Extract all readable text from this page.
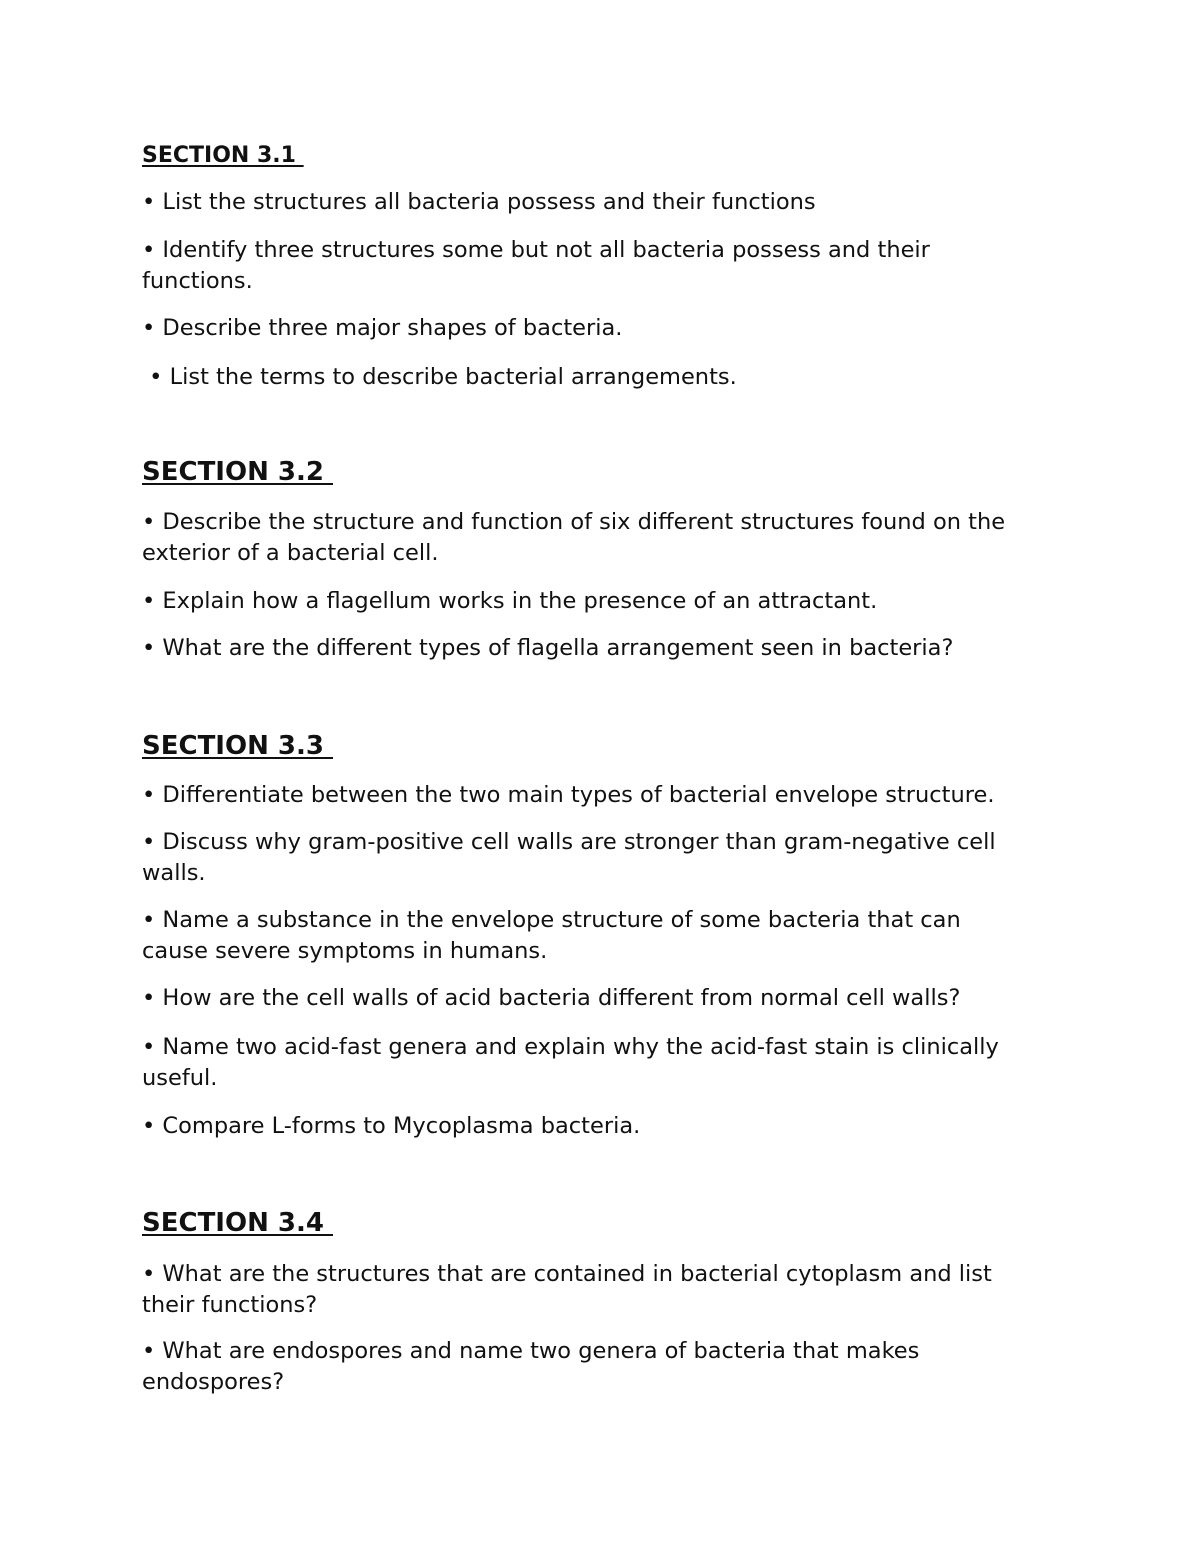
SECTION 3.1

• List the structures all bacteria possess and their functions

• Identify three structures some but not all bacteria possess and their functions.

• Describe three major shapes of bacteria.

• List the terms to describe bacterial arrangements.

SECTION 3.2

• Describe the structure and function of six different structures found on the exterior of a bacterial cell.

• Explain how a flagellum works in the presence of an attractant.

• What are the different types of flagella arrangement seen in bacteria?

SECTION 3.3

• Differentiate between the two main types of bacterial envelope structure.

• Discuss why gram-positive cell walls are stronger than gram-negative cell walls.

• Name a substance in the envelope structure of some bacteria that can cause severe symptoms in humans.

• How are the cell walls of acid bacteria different from normal cell walls?

• Name two acid-fast genera and explain why the acid-fast stain is clinically useful.

• Compare L-forms to Mycoplasma bacteria.

SECTION 3.4

• What are the structures that are contained in bacterial cytoplasm and list their functions?

• What are endospores and name two genera of bacteria that makes endospores?
